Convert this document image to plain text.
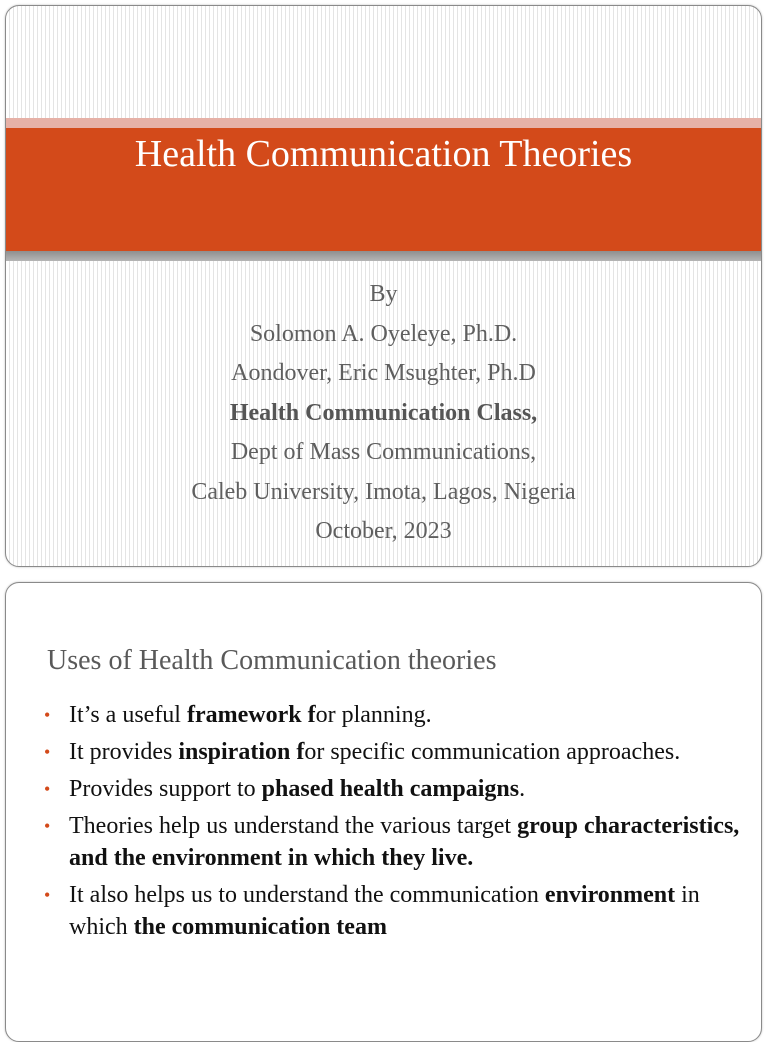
Health Communication Theories
By
Solomon A. Oyeleye, Ph.D.
Aondover, Eric Msughter, Ph.D
Health Communication Class,
Dept of Mass Communications,
Caleb University, Imota, Lagos, Nigeria
October, 2023
Uses of Health Communication theories
• It’s a useful framework for planning.
• It provides inspiration for specific communication approaches.
• Provides support to phased health campaigns.
• Theories help us understand the various target group characteristics, and the environment in which they live.
• It also helps us to understand the communication environment in which the communication team
